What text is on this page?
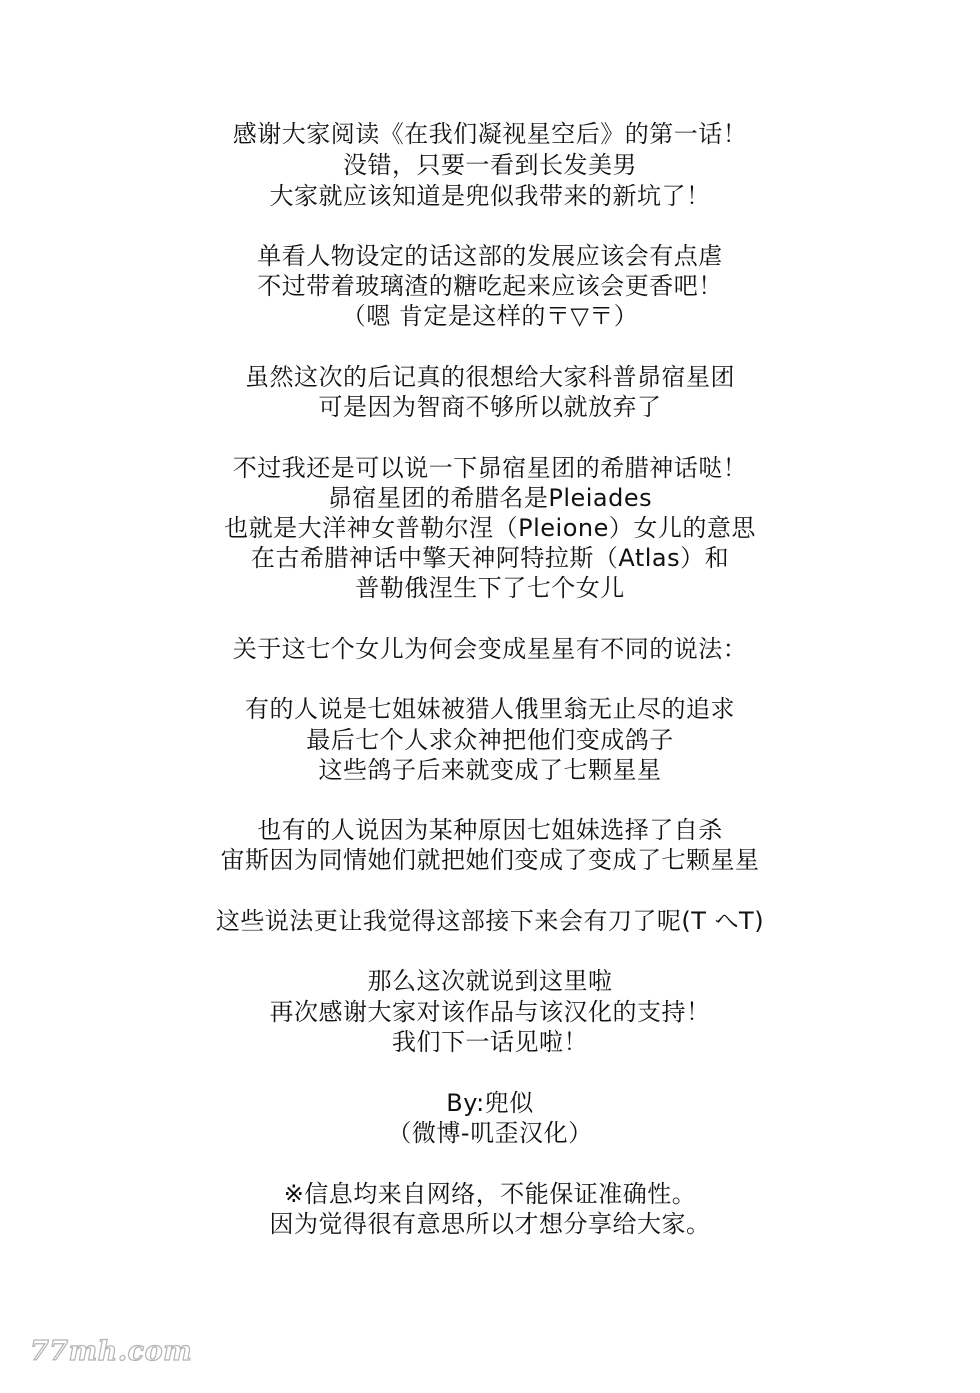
感谢大家阅读《在我们凝视星空后》的第一话！
没错，只要一看到长发美男
大家就应该知道是兜似我带来的新坑了！
单看人物设定的话这部的发展应该会有点虐
不过带着玻璃渣的糖吃起来应该会更香吧！
（嗯 肯定是这样的〒▽〒）
虽然这次的后记真的很想给大家科普昴宿星团
可是因为智商不够所以就放弃了
不过我还是可以说一下昴宿星团的希腊神话哒！
昴宿星团的希腊名是Pleiades
也就是大洋神女普勒尔涅（Pleione）女儿的意思
在古希腊神话中擎天神阿特拉斯（Atlas）和
普勒俄涅生下了七个女儿
关于这七个女儿为何会变成星星有不同的说法：
有的人说是七姐妹被猎人俄里翁无止尽的追求
最后七个人求众神把他们变成鸽子
这些鸽子后来就变成了七颗星星
也有的人说因为某种原因七姐妹选择了自杀
宙斯因为同情她们就把她们变成了变成了七颗星星
这些说法更让我觉得这部接下来会有刀了呢(T へT)
那么这次就说到这里啦
再次感谢大家对该作品与该汉化的支持！
我们下一话见啦！
By:兜似
（微博-叽歪汉化）
※信息均来自网络，不能保证准确性。
因为觉得很有意思所以才想分享给大家。
77mh.com
